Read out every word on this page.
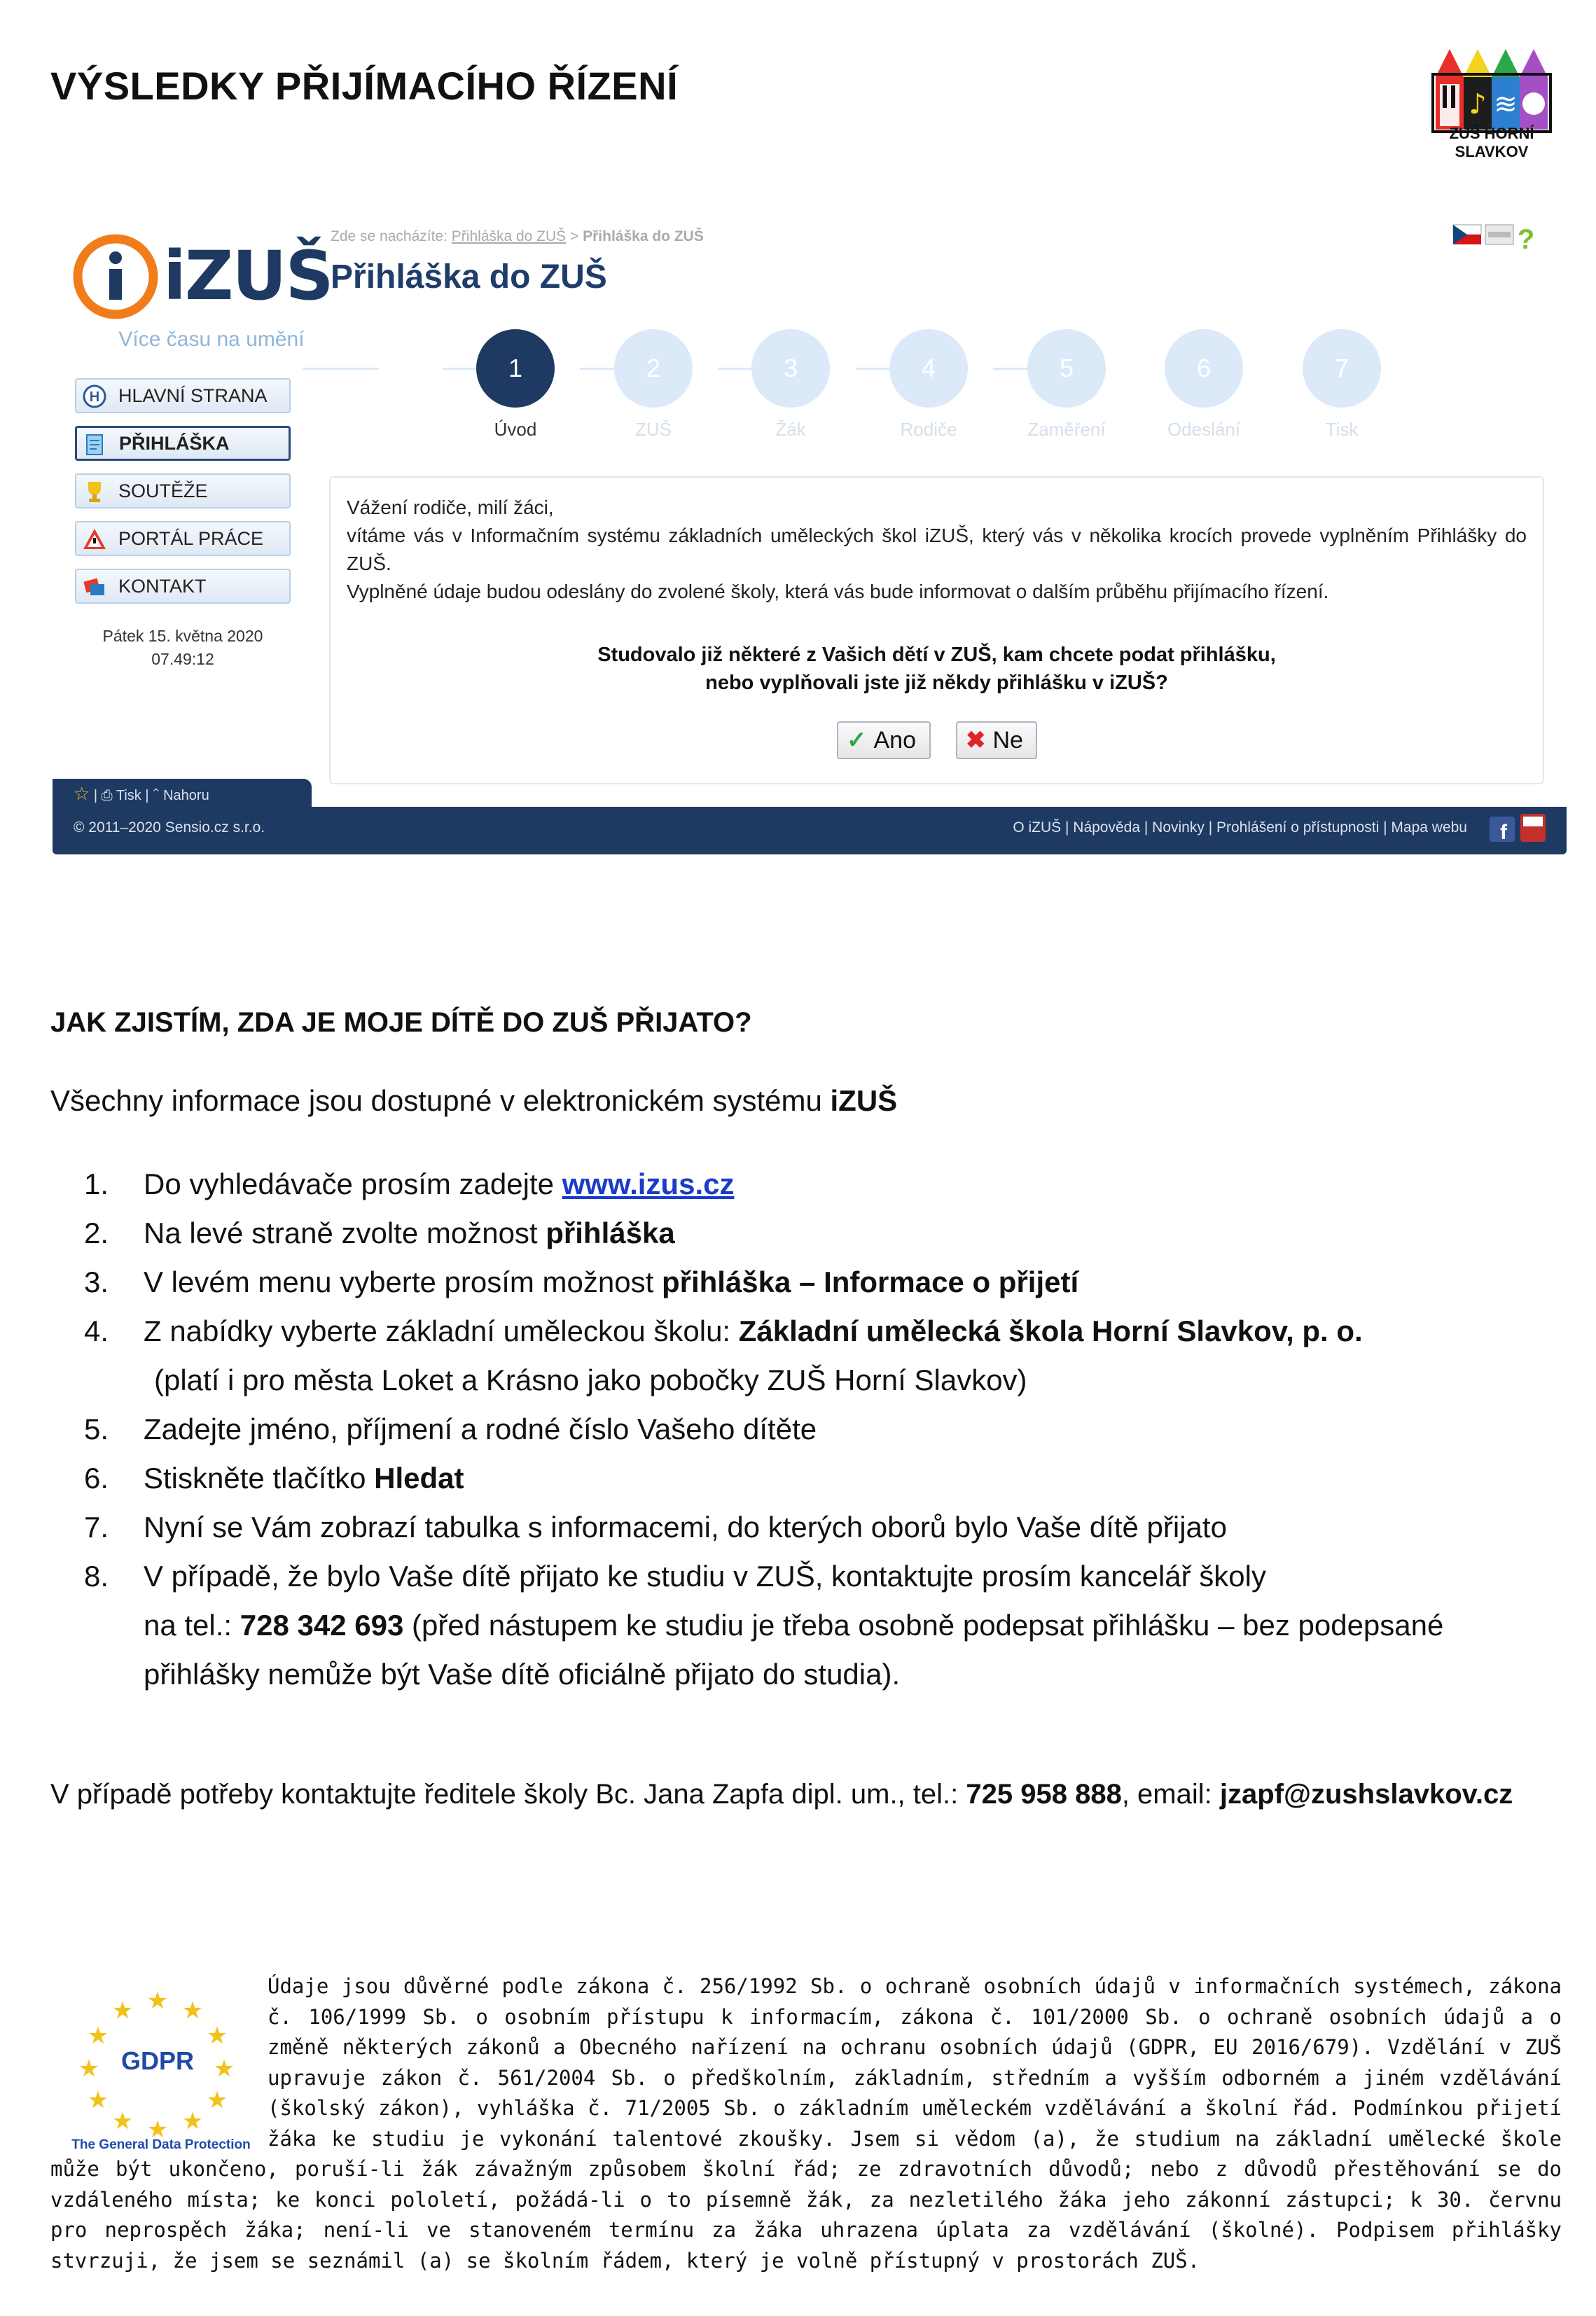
VÝSLEDKY PŘIJÍMACÍHO ŘÍZENÍ	♪ ≋
ZUŠ HORNÍ SLAVKOV
iZUŠ
Více času na umění
H HLAVNÍ STRANA
PŘIHLÁŠKA
SOUTĚŽE
PORTÁL PRÁCE
KONTAKT
Pátek 15. května 2020
07.49:12
Zde se nacházíte: Přihláška do ZUŠ > Přihláška do ZUŠ
Přihláška do ZUŠ
?
1	2	3	4	5	6	7
Úvod	ZUŠ	Žák	Rodiče	Zaměření	Odeslání	Tisk
Vážení rodiče, milí žáci,
vítáme vás v Informačním systému základních uměleckých škol iZUŠ, který vás v několika krocích provede vyplněním Přihlášky do ZUŠ.
Vyplněné údaje budou odeslány do zvolené školy, která vás bude informovat o dalším průběhu přijímacího řízení.
Studovalo již některé z Vašich dětí v ZUŠ, kam chcete podat přihlášku,
nebo vyplňovali jste již někdy přihlášku v iZUŠ?
✓ Ano ✖ Ne
☆ | ⎙ Tisk | ⌃ Nahoru
© 2011–2020 Sensio.cz s.r.o.	O iZUŠ | Nápověda | Novinky | Prohlášení o přístupnosti | Mapa webu f
JAK ZJISTÍM, ZDA JE MOJE DÍTĚ DO ZUŠ PŘIJATO?
Všechny informace jsou dostupné v elektronickém systému iZUŠ
1. Do vyhledávače prosím zadejte www.izus.cz
2. Na levé straně zvolte možnost přihláška
3. V levém menu vyberte prosím možnost přihláška – Informace o přijetí
4. Z nabídky vyberte základní uměleckou školu: Základní umělecká škola Horní Slavkov, p. o.
(platí i pro města Loket a Krásno jako pobočky ZUŠ Horní Slavkov)
5. Zadejte jméno, příjmení a rodné číslo Vašeho dítěte
6. Stiskněte tlačítko Hledat
7. Nyní se Vám zobrazí tabulka s informacemi, do kterých oborů bylo Vaše dítě přijato
8. V případě, že bylo Vaše dítě přijato ke studiu v ZUŠ, kontaktujte prosím kancelář školy
na tel.: 728 342 693 (před nástupem ke studiu je třeba osobně podepsat přihlášku – bez podepsané
přihlášky nemůže být Vaše dítě oficiálně přijato do studia).
V případě potřeby kontaktujte ředitele školy Bc. Jana Zapfa dipl. um., tel.: 725 958 888, email: jzapf@zushslavkov.cz
Údaje jsou důvěrné podle zákona č. 256/1992 Sb. o ochraně osobních údajů v informačních systémech, zákona č. 106/1999 Sb. o osobním přístupu k informacím, zákona č. 101/2000 Sb. o ochraně osobních údajů a o změně některých zákonů a Obecného nařízení na ochranu osobních údajů (GDPR, EU 2016/679). Vzdělání v ZUŠ upravuje zákon č. 561/2004 Sb. o předškolním, základním, středním a vyšším odborném a jiném vzdělávání (školský zákon), vyhláška č. 71/2005 Sb. o základním uměleckém vzdělávání a školní řád. Podmínkou přijetí žáka ke studiu je vykonání talentové zkoušky. Jsem si vědom (a), že studium na základní umělecké škole může být ukončeno, poruší-li žák závažným způsobem školní řád; ze zdravotních důvodů; nebo z důvodů přestěhování se do vzdáleného místa; ke konci pololetí, požádá-li o to písemně žák, za nezletilého žáka jeho zákonní zástupci; k 30. červnu pro neprospěch žáka; není-li ve stanoveném termínu za žáka uhrazena úplata za vzdělávání (školné). Podpisem přihlášky stvrzuji, že jsem se seznámil (a) se školním řádem, který je volně přístupný v prostorách ZUŠ.
★ ★
★
★
★
★
★
★
★
★
★
★
GDPR
The General Data Protection
